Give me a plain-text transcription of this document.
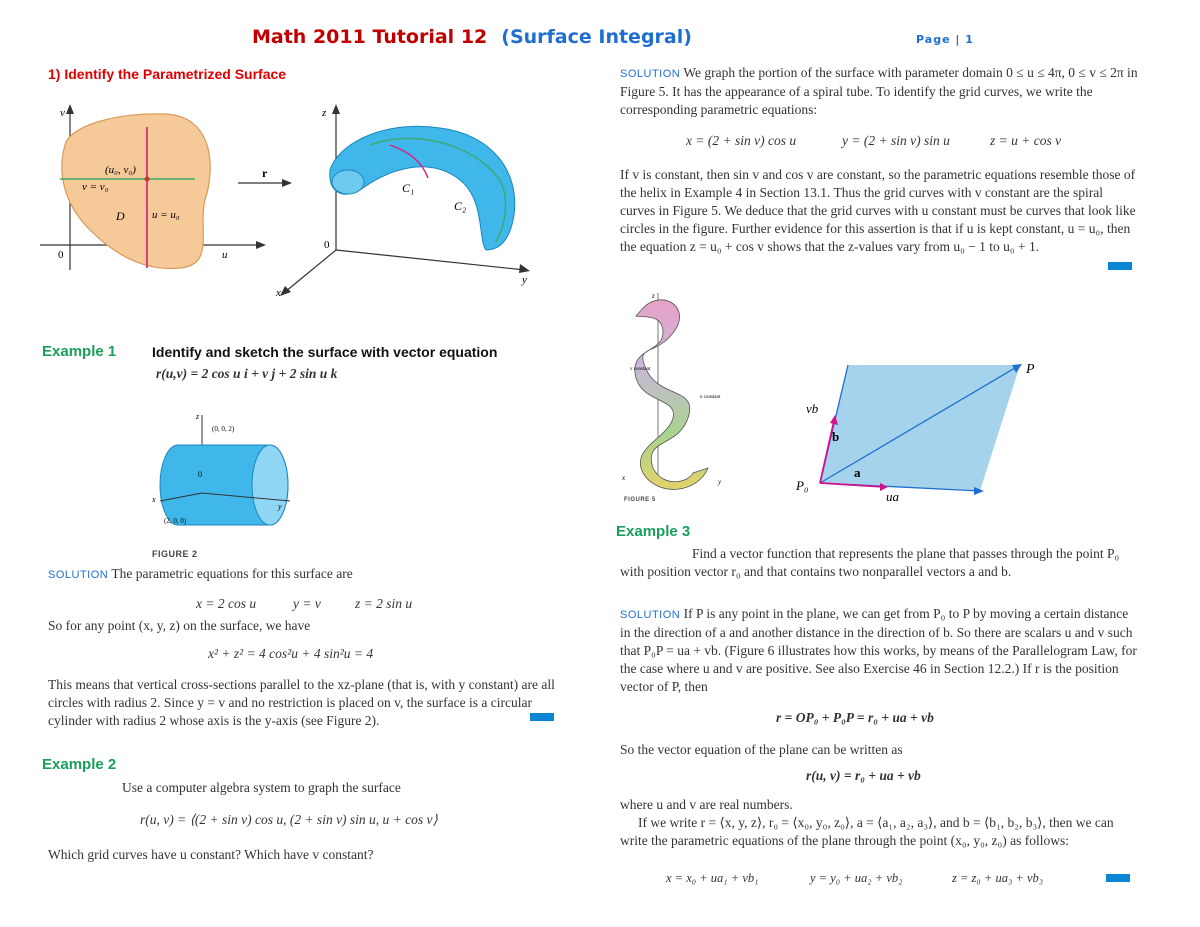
Math 2011 Tutorial 12 (Surface Integral)	Page | 1
1) Identify the Parametrized Surface
v
u
0
(u₀, v₀)
v = v₀
D u = u₀
r
z
y
x
0
C₁
C₂
Example 1	Identify and sketch the surface with vector equation
r(u,v) = 2 cos u i + v j + 2 sin u k
z
y
x
0
(0, 0, 2)
(2, 0, 0)
FIGURE 2
SOLUTION The parametric equations for this surface are
x = 2 cos u	y = v	z = 2 sin u
So for any point (x, y, z) on the surface, we have
x² + z² = 4 cos²u + 4 sin²u = 4
This means that vertical cross-sections parallel to the xz-plane (that is, with y constant) are all circles with radius 2. Since y = v and no restriction is placed on v, the surface is a circular cylinder with radius 2 whose axis is the y-axis (see Figure 2).
Example 2
Use a computer algebra system to graph the surface
r(u, v) = ⟨(2 + sin v) cos u, (2 + sin v) sin u, u + cos v⟩
Which grid curves have u constant? Which have v constant?
SOLUTION We graph the portion of the surface with parameter domain 0 ≤ u ≤ 4π, 0 ≤ v ≤ 2π in Figure 5. It has the appearance of a spiral tube. To identify the grid curves, we write the corresponding parametric equations:
x = (2 + sin v) cos u	y = (2 + sin v) sin u	z = u + cos v
If v is constant, then sin v and cos v are constant, so the parametric equations resemble those of the helix in Example 4 in Section 13.1. Thus the grid curves with v constant are the spiral curves in Figure 5. We deduce that the grid curves with u constant must be curves that look like circles in the figure. Further evidence for this assertion is that if u is kept constant, u = u₀, then the equation z = u₀ + cos v shows that the z-values vary from u₀ − 1 to u₀ + 1.
z
x	y
v constant
u constant
FIGURE 5
P
P₀
vb
b
a
ua
Example 3
Find a vector function that represents the plane that passes through the point P₀ with position vector r₀ and that contains two nonparallel vectors a and b.
SOLUTION If P is any point in the plane, we can get from P₀ to P by moving a certain distance in the direction of a and another distance in the direction of b. So there are scalars u and v such that P₀P = ua + vb. (Figure 6 illustrates how this works, by means of the Parallelogram Law, for the case where u and v are positive. See also Exercise 46 in Section 12.2.) If r is the position vector of P, then
r = OP₀ + P₀P = r₀ + ua + vb
So the vector equation of the plane can be written as
r(u, v) = r₀ + ua + vb
where u and v are real numbers.
If we write r = ⟨x, y, z⟩, r₀ = ⟨x₀, y₀, z₀⟩, a = ⟨a₁, a₂, a₃⟩, and b = ⟨b₁, b₂, b₃⟩, then we can write the parametric equations of the plane through the point (x₀, y₀, z₀) as follows:
x = x₀ + ua₁ + vb₁	y = y₀ + ua₂ + vb₂	z = z₀ + ua₃ + vb₃
